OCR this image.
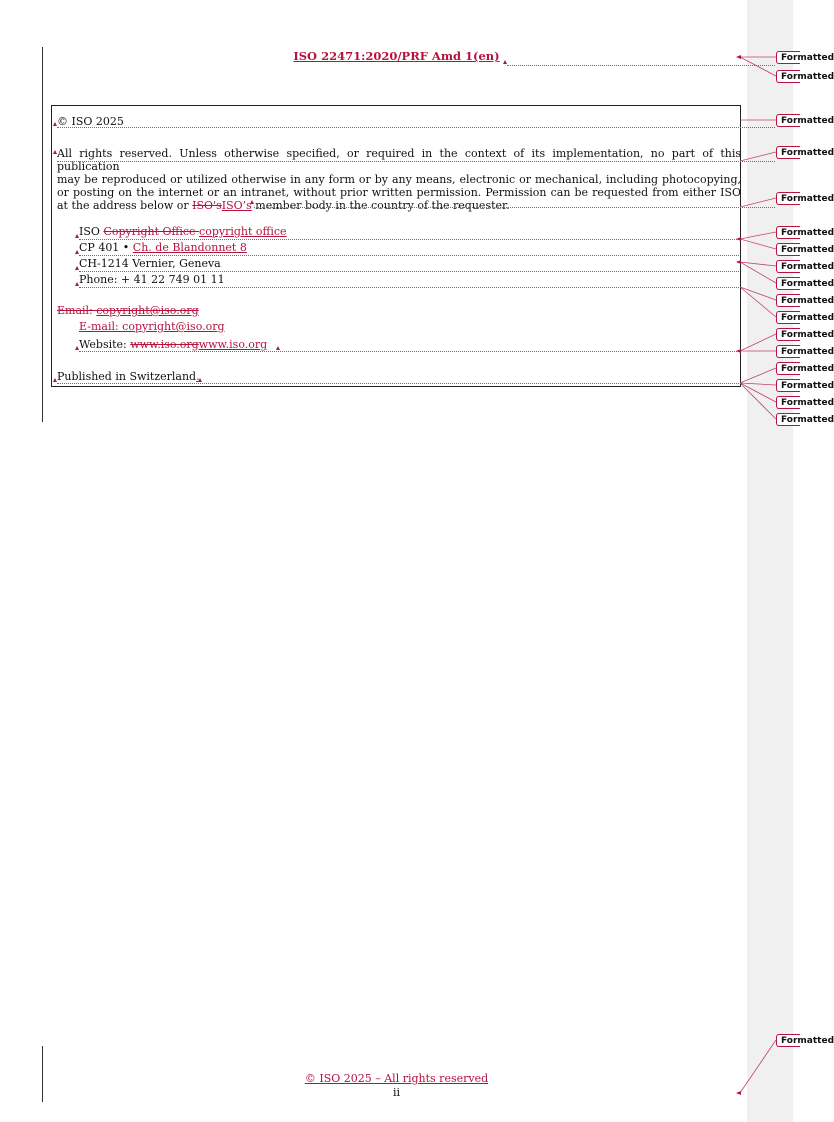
ISO 22471:2020/PRF Amd 1(en)
© ISO 2025
All rights reserved. Unless otherwise specified, or required in the context of its implementation, no part of this publication
may be reproduced or utilized otherwise in any form or by any means, electronic or mechanical, including photocopying,
or posting on the internet or an intranet, without prior written permission. Permission can be requested from either ISO
at the address below or ISO'sISO’s member body in the country of the requester.
ISO Copyright Office copyright office
CP 401 • Ch. de Blandonnet 8
CH-1214 Vernier, Geneva
Phone: + 41 22 749 01 11
Email: copyright@iso.org
E-mail: copyright@iso.org
Website: www.iso.orgwww.iso.org
Published in Switzerland.
Formatted
Formatted
Formatted
Formatted
Formatted
Formatted
Formatted
Formatted
Formatted
Formatted
Formatted
Formatted
Formatted
Formatted
Formatted
Formatted
Formatted
Formatted
© ISO 2025 – All rights reserved
ii
